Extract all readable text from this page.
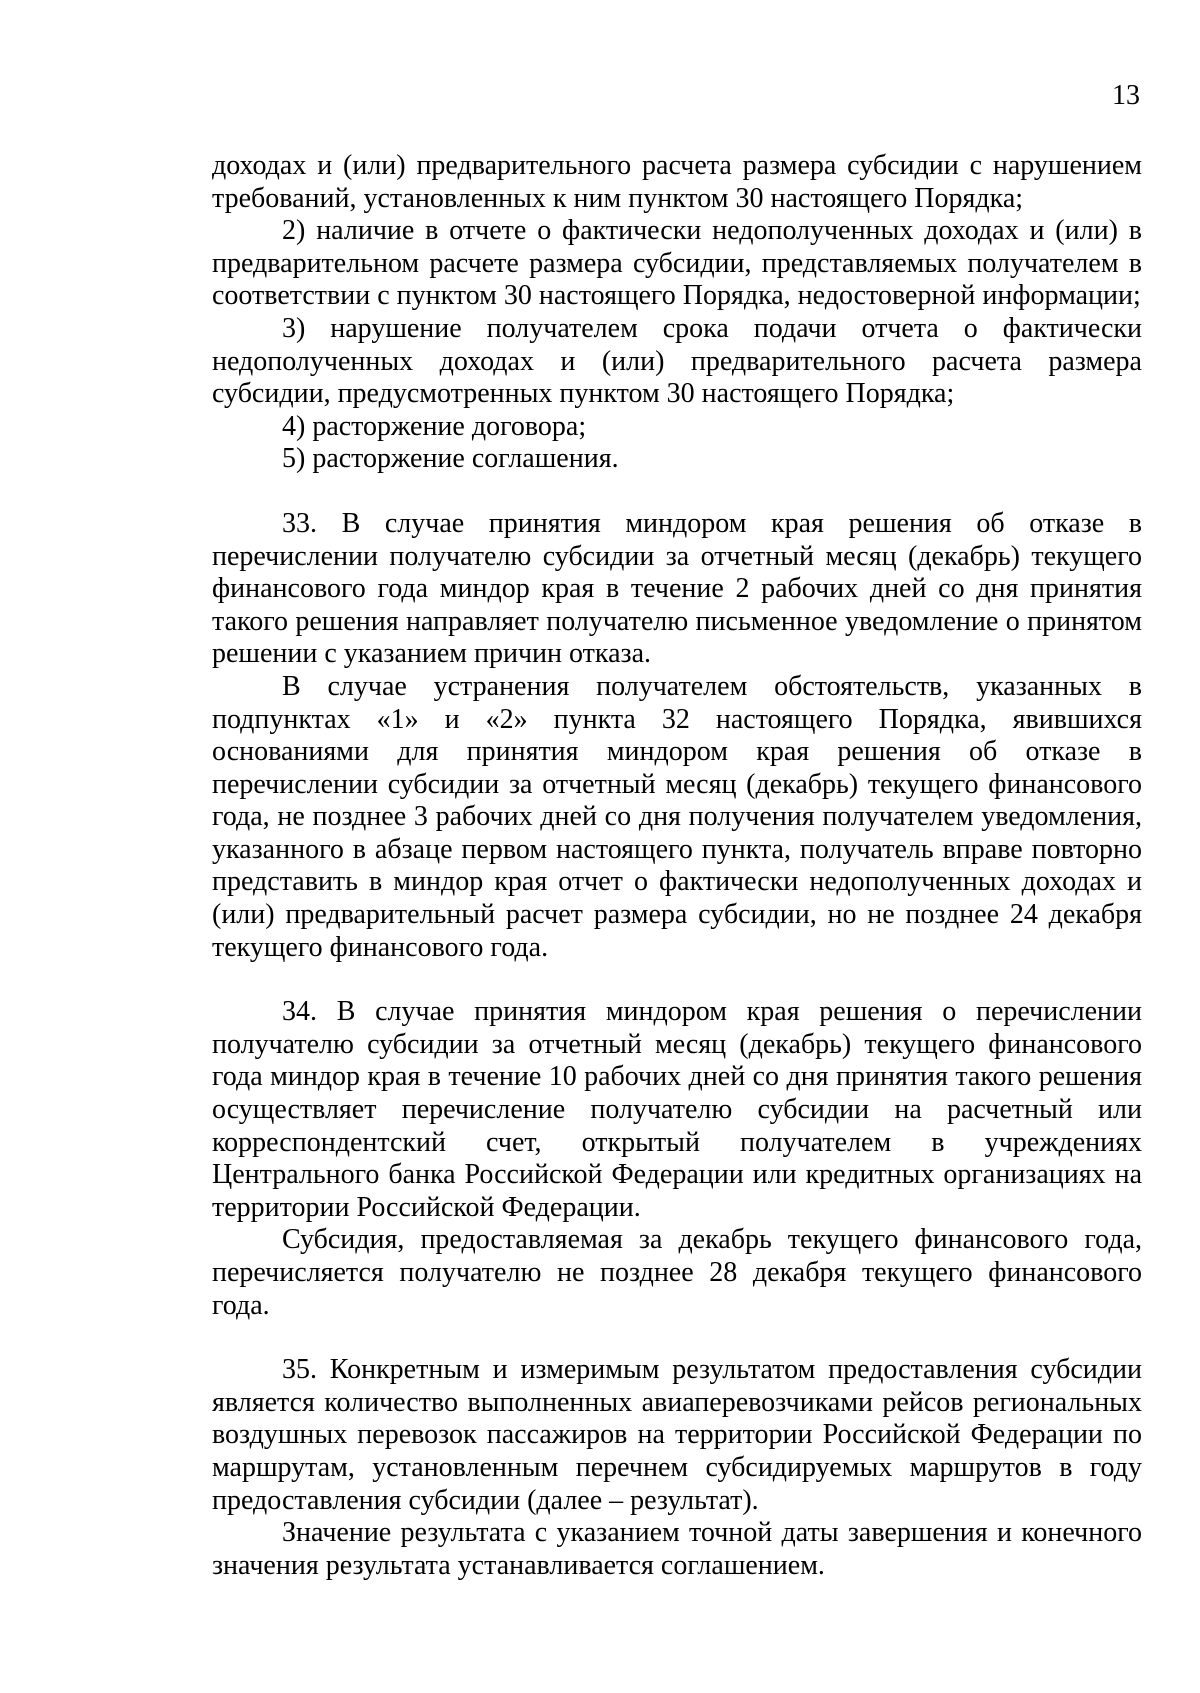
13

доходах и (или) предварительного расчета размера субсидии с нарушением требований, установленных к ним пунктом 30 настоящего Порядка;

2) наличие в отчете о фактически недополученных доходах и (или) в предварительном расчете размера субсидии, представляемых получателем в соответствии с пунктом 30 настоящего Порядка, недостоверной информации;

3) нарушение получателем срока подачи отчета о фактически недополученных доходах и (или) предварительного расчета размера субсидии, предусмотренных пунктом 30 настоящего Порядка;

4) расторжение договора;

5) расторжение соглашения.

33. В случае принятия миндором края решения об отказе в перечислении получателю субсидии за отчетный месяц (декабрь) текущего финансового года миндор края в течение 2 рабочих дней со дня принятия такого решения направляет получателю письменное уведомление о принятом решении с указанием причин отказа.

В случае устранения получателем обстоятельств, указанных в подпунктах «1» и «2» пункта 32 настоящего Порядка, явившихся основаниями для принятия миндором края решения об отказе в перечислении субсидии за отчетный месяц (декабрь) текущего финансового года, не позднее 3 рабочих дней со дня получения получателем уведомления, указанного в абзаце первом настоящего пункта, получатель вправе повторно представить в миндор края отчет о фактически недополученных доходах и (или) предварительный расчет размера субсидии, но не позднее 24 декабря текущего финансового года.

34. В случае принятия миндором края решения о перечислении получателю субсидии за отчетный месяц (декабрь) текущего финансового года миндор края в течение 10 рабочих дней со дня принятия такого решения осуществляет перечисление получателю субсидии на расчетный или корреспондентский счет, открытый получателем в учреждениях Центрального банка Российской Федерации или кредитных организациях на территории Российской Федерации.

Субсидия, предоставляемая за декабрь текущего финансового года, перечисляется получателю не позднее 28 декабря текущего финансового года.

35. Конкретным и измеримым результатом предоставления субсидии является количество выполненных авиаперевозчиками рейсов региональных воздушных перевозок пассажиров на территории Российской Федерации по маршрутам, установленным перечнем субсидируемых маршрутов в году предоставления субсидии (далее – результат).

Значение результата с указанием точной даты завершения и конечного значения результата устанавливается соглашением.
